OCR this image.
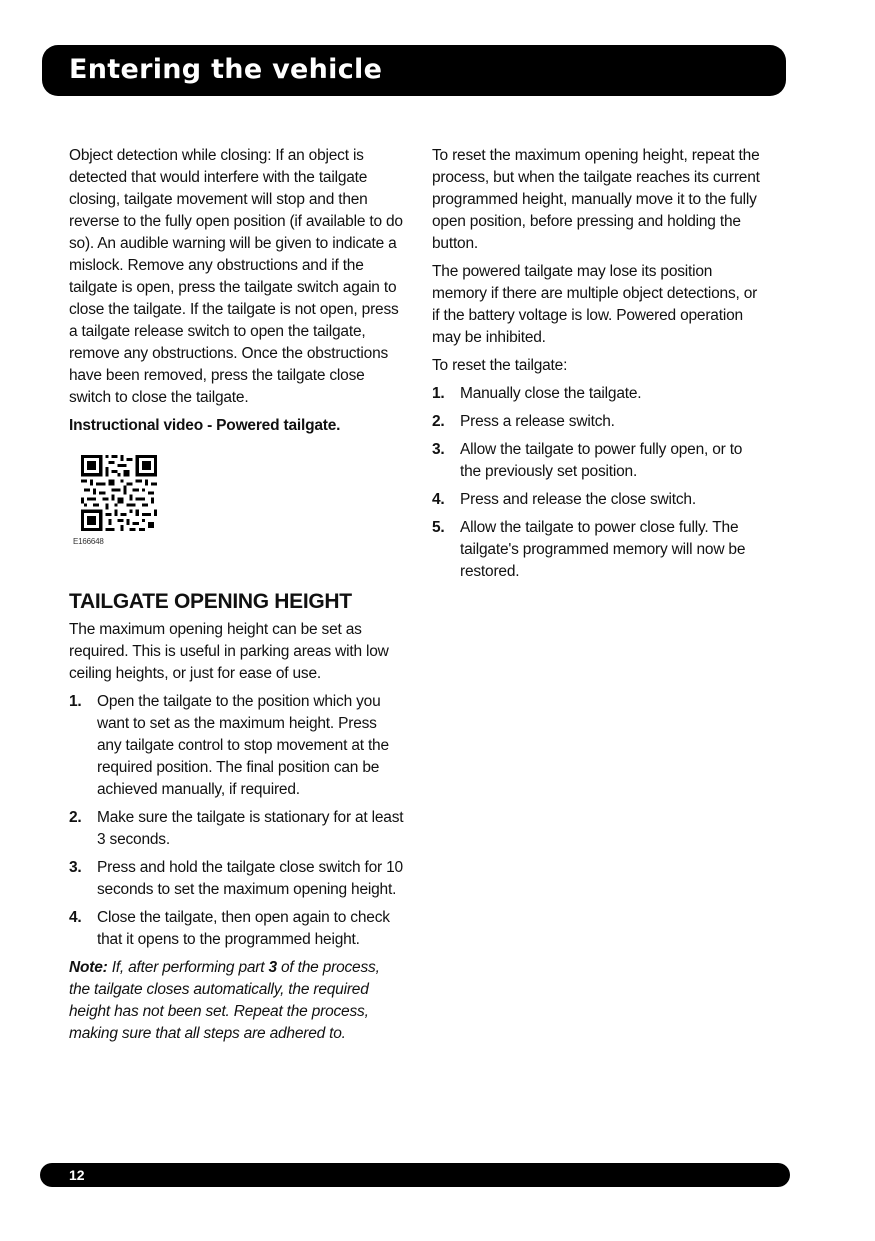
Entering the vehicle

Object detection while closing: If an object is detected that would interfere with the tailgate closing, tailgate movement will stop and then reverse to the fully open position (if available to do so). An audible warning will be given to indicate a mislock. Remove any obstructions and if the tailgate is open, press the tailgate switch again to close the tailgate. If the tailgate is not open, press a tailgate release switch to open the tailgate, remove any obstructions. Once the obstructions have been removed, press the tailgate close switch to close the tailgate.

Instructional video - Powered tailgate.

E166648
TAILGATE OPENING HEIGHT

The maximum opening height can be set as required. This is useful in parking areas with low ceiling heights, or just for ease of use.

1. Open the tailgate to the position which you want to set as the maximum height. Press any tailgate control to stop movement at the required position. The final position can be achieved manually, if required.
2. Make sure the tailgate is stationary for at least 3 seconds.
3. Press and hold the tailgate close switch for 10 seconds to set the maximum opening height.
4. Close the tailgate, then open again to check that it opens to the programmed height.

Note: If, after performing part 3 of the process, the tailgate closes automatically, the required height has not been set. Repeat the process, making sure that all steps are adhered to.

To reset the maximum opening height, repeat the process, but when the tailgate reaches its current programmed height, manually move it to the fully open position, before pressing and holding the button.

The powered tailgate may lose its position memory if there are multiple object detections, or if the battery voltage is low. Powered operation may be inhibited.

To reset the tailgate:

1. Manually close the tailgate.
2. Press a release switch.
3. Allow the tailgate to power fully open, or to the previously set position.
4. Press and release the close switch.
5. Allow the tailgate to power close fully. The tailgate's programmed memory will now be restored.
12
